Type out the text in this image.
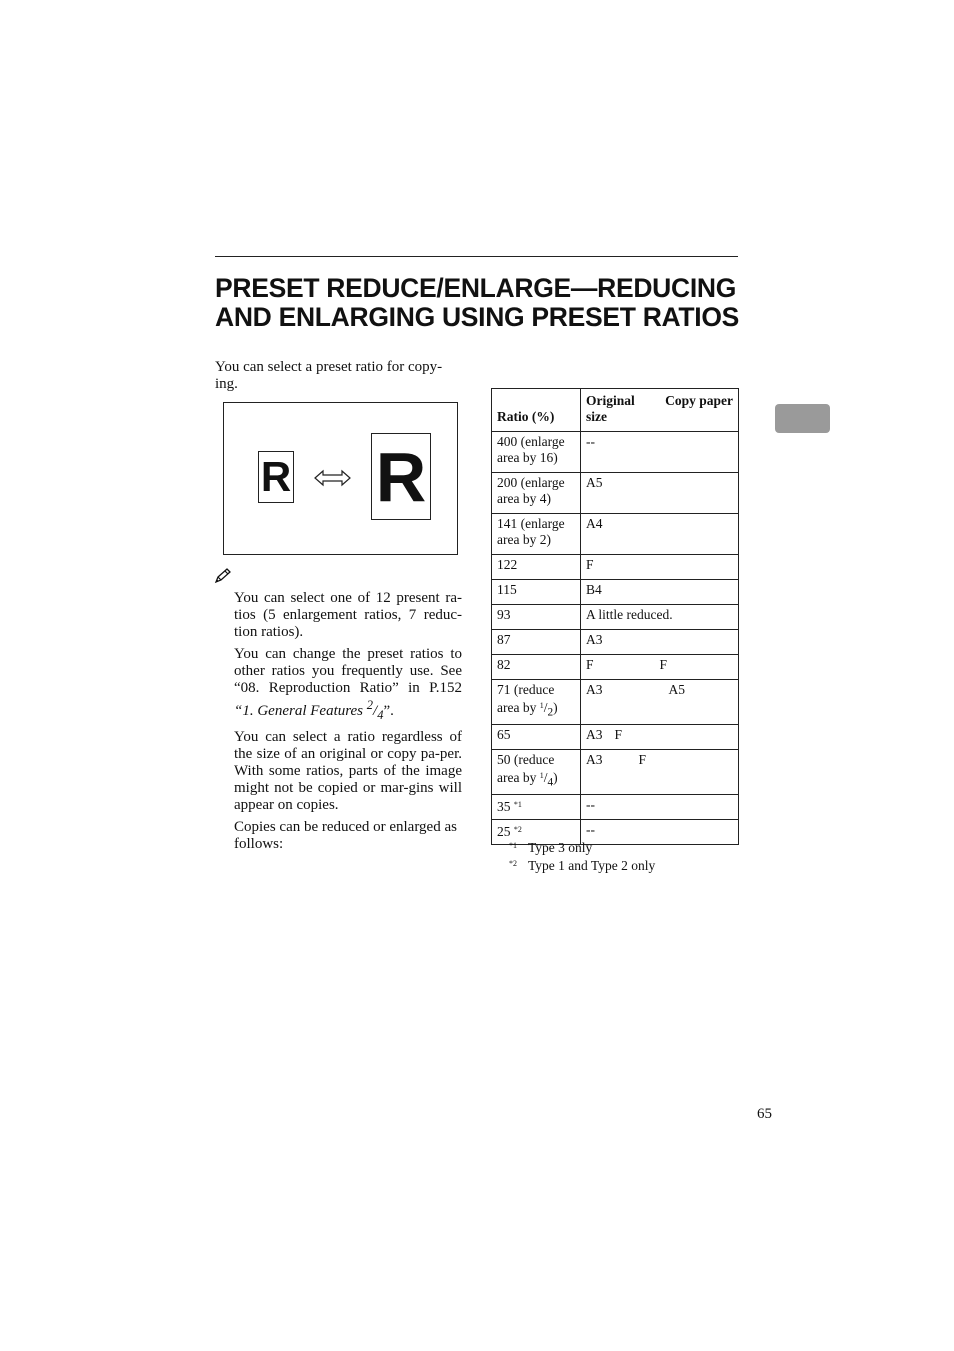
PRESET REDUCE/ENLARGE—REDUCING
AND ENLARGING USING PRESET RATIOS
You can select a preset ratio for copy-ing.
R R

You can select one of 12 present ra-tios (5 enlargement ratios, 7 reduc-tion ratios).

You can change the preset ratios to other ratios you frequently use. See “08. Reproduction Ratio” in P.152 “1. General Features $^2/_4$”.

You can select a ratio regardless of the size of an original or copy pa-per. With some ratios, parts of the image might not be copied or mar-gins will appear on copies.

Copies can be reduced or enlarged as follows:

Ratio (%)	Original Copy paper
size

400 (enlarge area by 16)	--
200 (enlarge area by 4)	A5
141 (enlarge area by 2)	A4
122	F
115	B4
93	A little reduced.
87	A3
82	F F
71 (reduce area by $^1/_2$)	A3 A5
65	A3 F
50 (reduce area by $^1/_4$)	A3 F
35 $^{*1}$	--
25 $^{*2}$	--
$^{*1}$ Type 3 only
$^{*2}$ Type 1 and Type 2 only
65
